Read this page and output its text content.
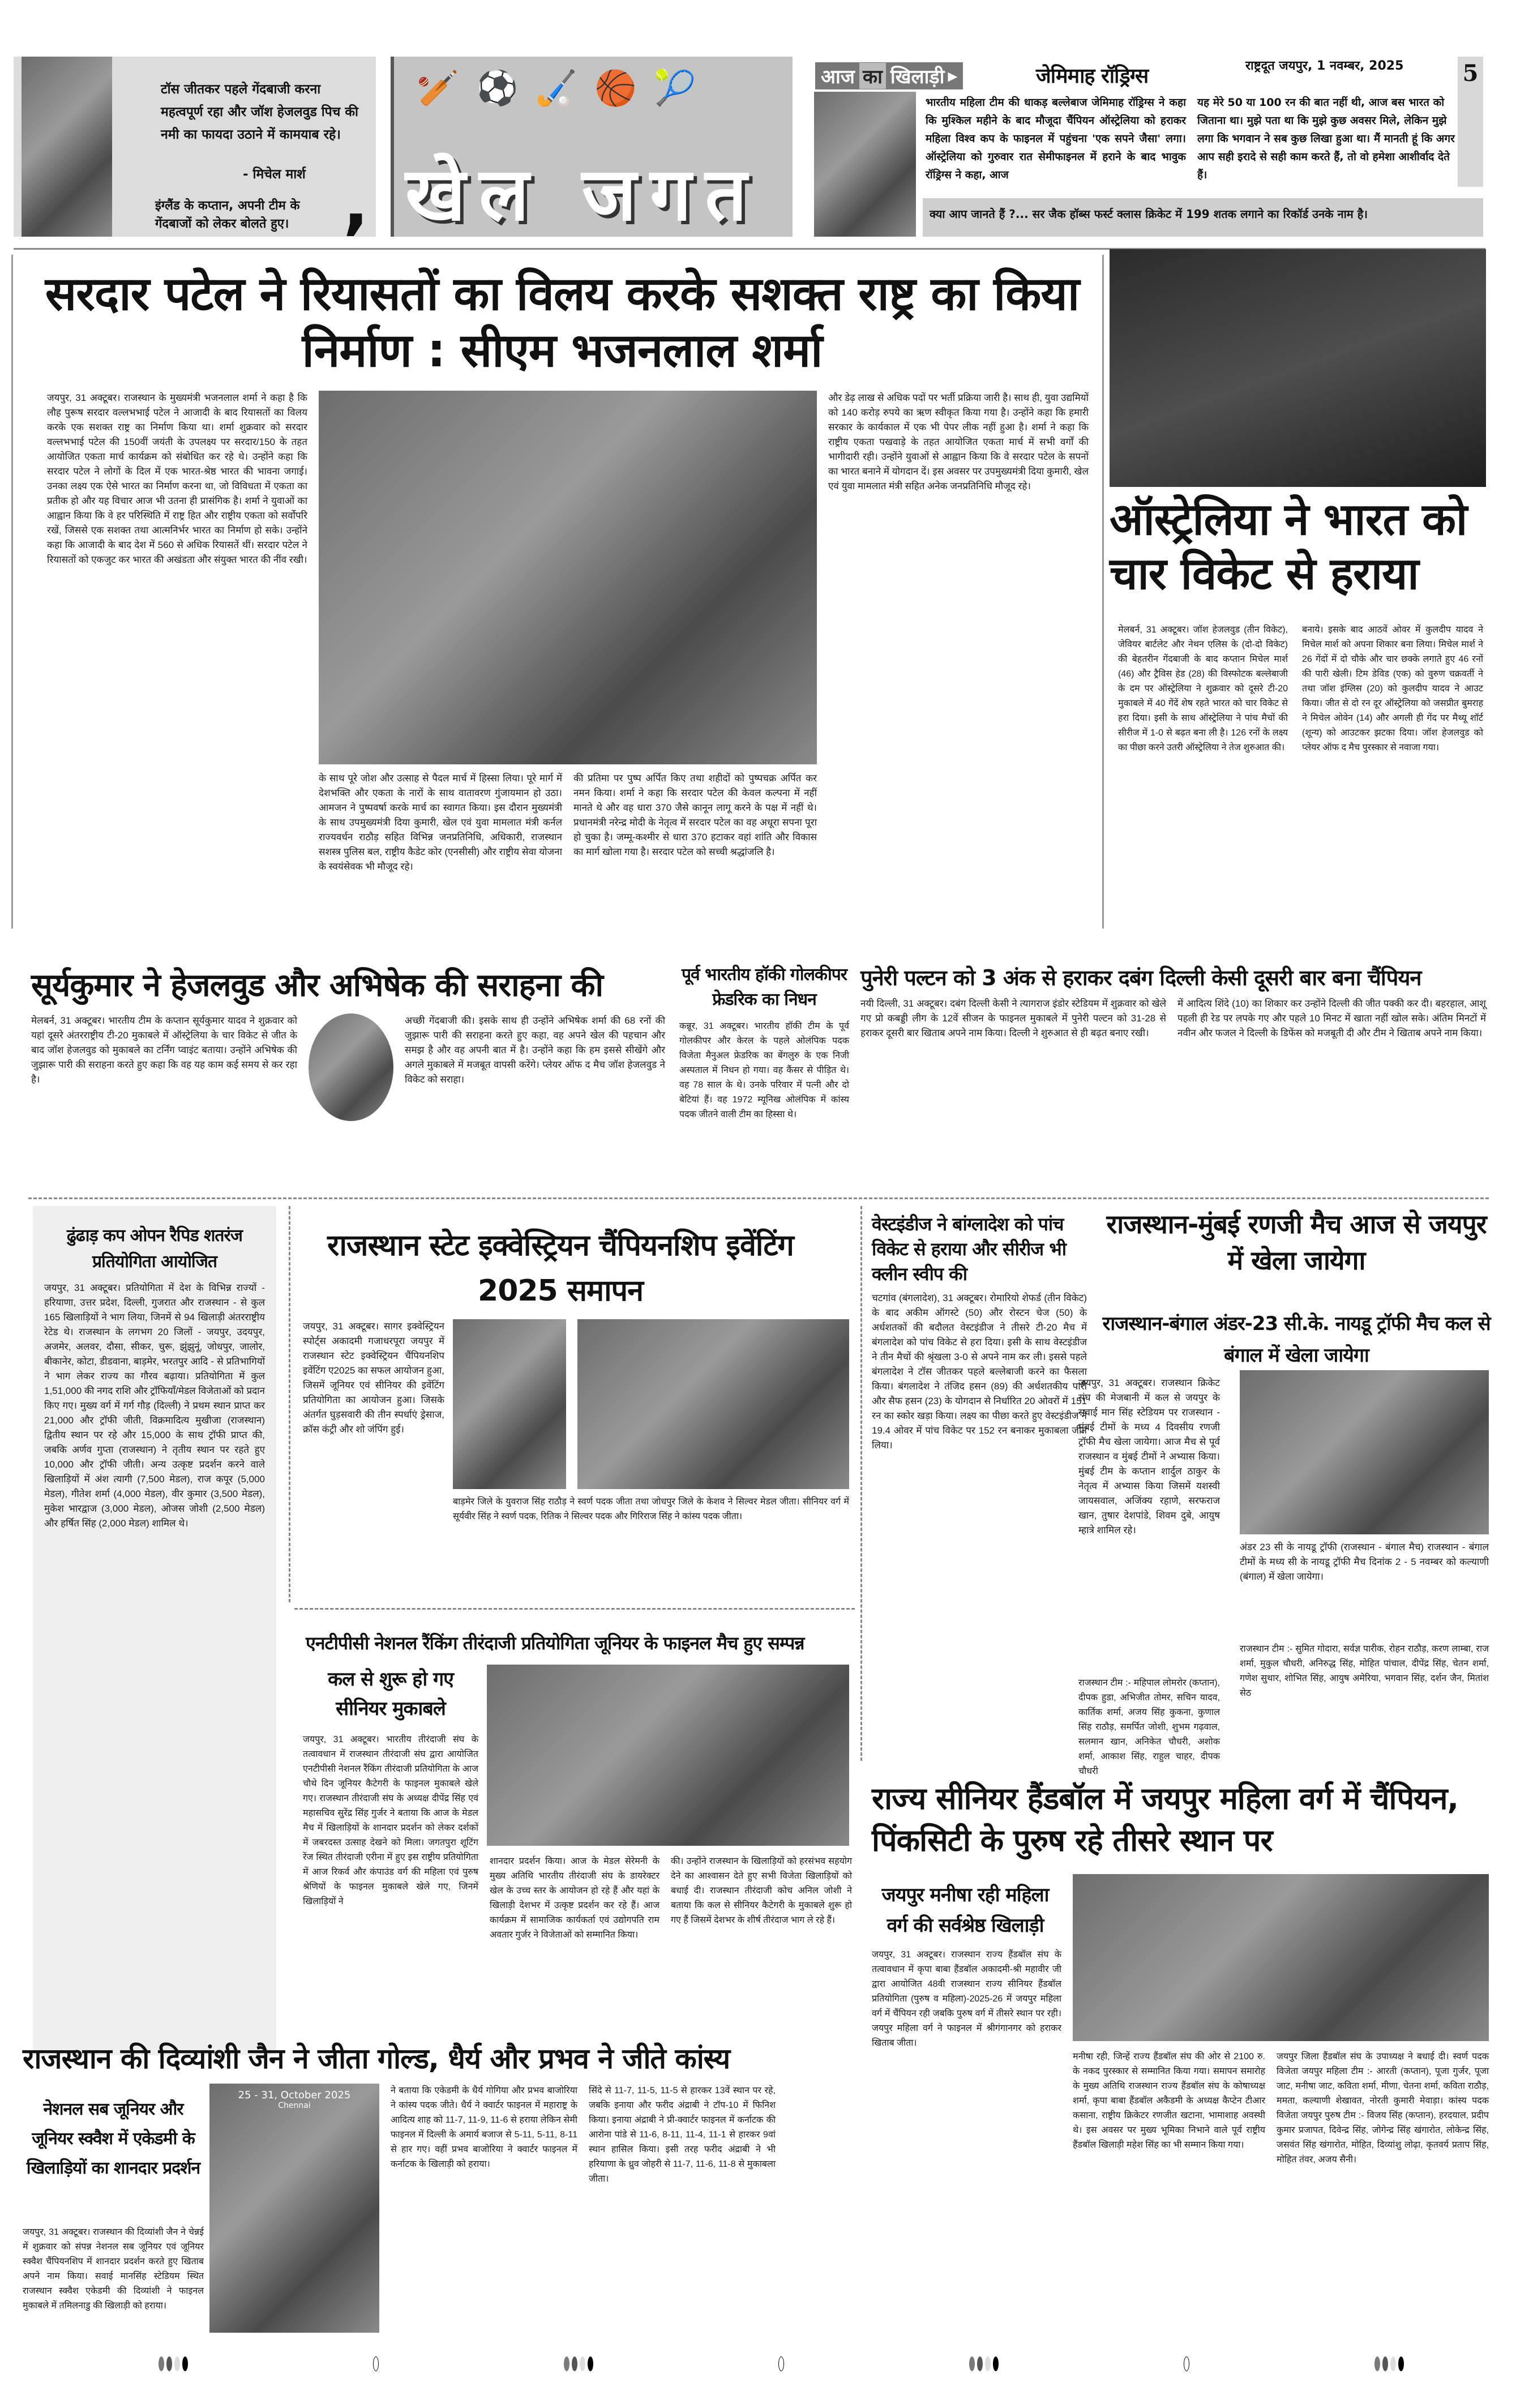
टॉस जीतकर पहले गेंदबाजी करना महत्वपूर्ण रहा और जॉश हेजलवुड पिच की नमी का फायदा उठाने में कामयाब रहे।
- मिचेल मार्श
इंग्लैंड के कप्तान, अपनी टीम के गेंदबाजों को लेकर बोलते हुए। ,
🏏⚽🏑🏀🎾
खेल जगत
आज का खिलाड़ी ▸	जेमिमाह रॉड्रिग्स
भारतीय महिला टीम की धाकड़ बल्लेबाज जेमिमाह रॉड्रिग्स ने कहा कि मुश्किल महीने के बाद मौजूदा चैंपियन ऑस्ट्रेलिया को हराकर महिला विश्व कप के फाइनल में पहुंचना 'एक सपने जैसा' लगा। ऑस्ट्रेलिया को गुरुवार रात सेमीफाइनल में हराने के बाद भावुक रॉड्रिग्स ने कहा, आज
यह मेरे 50 या 100 रन की बात नहीं थी, आज बस भारत को जिताना था। मुझे पता था कि मुझे कुछ अवसर मिले, लेकिन मुझे लगा कि भगवान ने सब कुछ लिखा हुआ था। मैं मानती हूं कि अगर आप सही इरादे से सही काम करते हैं, तो वो हमेशा आशीर्वाद देते हैं।
क्या आप जानते हैं ?... सर जैक हॉब्स फर्स्ट क्लास क्रिकेट में 199 शतक लगाने का रिकॉर्ड उनके नाम है।
राष्ट्रदूत जयपुर, 1 नवम्बर, 2025	5
सरदार पटेल ने रियासतों का विलय करके सशक्त राष्ट्र का किया निर्माण : सीएम भजनलाल शर्मा
जयपुर, 31 अक्टूबर। राजस्थान के मुख्यमंत्री भजनलाल शर्मा ने कहा है कि लौह पुरूष सरदार वल्लभभाई पटेल ने आजादी के बाद रियासतों का विलय करके एक सशक्त राष्ट्र का निर्माण किया था। शर्मा शुक्रवार को सरदार वल्लभभाई पटेल की 150वीं जयंती के उपलक्ष्य पर सरदार/150 के तहत आयोजित एकता मार्च कार्यक्रम को संबोधित कर रहे थे। उन्होंने कहा कि सरदार पटेल ने लोगों के दिल में एक भारत-श्रेष्ठ भारत की भावना जगाई। उनका लक्ष्य एक ऐसे भारत का निर्माण करना था, जो विविधता में एकता का प्रतीक हो और यह विचार आज भी उतना ही प्रासंगिक है। शर्मा ने युवाओं का आह्वान किया कि वे हर परिस्थिति में राष्ट्र हित और राष्ट्रीय एकता को सर्वोपरि रखें, जिससे एक सशक्त तथा आत्मनिर्भर भारत का निर्माण हो सके। उन्होंने कहा कि आजादी के बाद देश में 560 से अधिक रियासतें थीं। सरदार पटेल ने रियासतों को एकजुट कर भारत की अखंडता और संयुक्त भारत की नींव रखी।
के साथ पूरे जोश और उत्साह से पैदल मार्च में हिस्सा लिया। पूरे मार्ग में देशभक्ति और एकता के नारों के साथ वातावरण गुंजायमान हो उठा। आमजन ने पुष्पवर्षा करके मार्च का स्वागत किया। इस दौरान मुख्यमंत्री के साथ उपमुख्यमंत्री दिया कुमारी, खेल एवं युवा मामलात मंत्री कर्नल राज्यवर्धन राठौड़ सहित विभिन्न जनप्रतिनिधि, अधिकारी, राजस्थान सशस्त्र पुलिस बल, राष्ट्रीय कैडेट कोर (एनसीसी) और राष्ट्रीय सेवा योजना के स्वयंसेवक भी मौजूद रहे।
की प्रतिमा पर पुष्प अर्पित किए तथा शहीदों को पुष्पचक्र अर्पित कर नमन किया। शर्मा ने कहा कि सरदार पटेल की केवल कल्पना में नहीं मानते थे और वह धारा 370 जैसे कानून लागू करने के पक्ष में नहीं थे। प्रधानमंत्री नरेन्द्र मोदी के नेतृत्व में सरदार पटेल का वह अधूरा सपना पूरा हो चुका है। जम्मू-कश्मीर से धारा 370 हटाकर वहां शांति और विकास का मार्ग खोला गया है। सरदार पटेल को सच्ची श्रद्धांजलि है।
और डेढ़ लाख से अधिक पदों पर भर्ती प्रक्रिया जारी है। साथ ही, युवा उद्यमियों को 140 करोड़ रुपये का ऋण स्वीकृत किया गया है। उन्होंने कहा कि हमारी सरकार के कार्यकाल में एक भी पेपर लीक नहीं हुआ है। शर्मा ने कहा कि राष्ट्रीय एकता पखवाड़े के तहत आयोजित एकता मार्च में सभी वर्गों की भागीदारी रही। उन्होंने युवाओं से आह्वान किया कि वे सरदार पटेल के सपनों का भारत बनाने में योगदान दें। इस अवसर पर उपमुख्यमंत्री दिया कुमारी, खेल एवं युवा मामलात मंत्री सहित अनेक जनप्रतिनिधि मौजूद रहे।
ऑस्ट्रेलिया ने भारत को चार विकेट से हराया
मेलबर्न, 31 अक्टूबर। जॉश हेजलवुड (तीन विकेट), जेवियर बार्टलेट और नेथन एलिस के (दो-दो विकेट) की बेहतरीन गेंदबाजी के बाद कप्तान मिचेल मार्श (46) और ट्रैविस हेड (28) की विस्फोटक बल्लेबाजी के दम पर ऑस्ट्रेलिया ने शुक्रवार को दूसरे टी-20 मुकाबले में 40 गेंदें शेष रहते भारत को चार विकेट से हरा दिया। इसी के साथ ऑस्ट्रेलिया ने पांच मैचों की सीरीज में 1-0 से बढ़त बना ली है। 126 रनों के लक्ष्य का पीछा करने उतरी ऑस्ट्रेलिया ने तेज शुरुआत की।
बनाये। इसके बाद आठवें ओवर में कुलदीप यादव ने मिचेल मार्श को अपना शिकार बना लिया। मिचेल मार्श ने 26 गेंदों में दो चौके और चार छक्के लगाते हुए 46 रनों की पारी खेली। टिम डेविड (एक) को वुरुण चक्रवर्ती ने तथा जॉश इंग्लिस (20) को कुलदीप यादव ने आउट किया। जीत से दो रन दूर ऑस्ट्रेलिया को जसप्रीत बुमराह ने मिचेल ओवेन (14) और अगली ही गेंद पर मैथ्यू शॉर्ट (शून्य) को आउटकर झटका दिया। जॉश हेजलवुड को प्लेयर ऑफ द मैच पुरस्कार से नवाजा गया।
सूर्यकुमार ने हेजलवुड और अभिषेक की सराहना की
मेलबर्न, 31 अक्टूबर। भारतीय टीम के कप्तान सूर्यकुमार यादव ने शुक्रवार को यहां दूसरे अंतरराष्ट्रीय टी-20 मुकाबले में ऑस्ट्रेलिया के चार विकेट से जीत के बाद जॉश हेजलवुड को मुकाबले का टर्निंग प्वाइंट बताया। उन्होंने अभिषेक की जुझारू पारी की सराहना करते हुए कहा कि वह यह काम कई समय से कर रहा है।
अच्छी गेंदबाजी की। इसके साथ ही उन्होंने अभिषेक शर्मा की 68 रनों की जुझारू पारी की सराहना करते हुए कहा, वह अपने खेल की पहचान और समझ है और वह अपनी बात में है। उन्होंने कहा कि हम इससे सीखेंगे और अगले मुकाबले में मजबूत वापसी करेंगे। प्लेयर ऑफ द मैच जॉश हेजलवुड ने विकेट को सराहा।
पूर्व भारतीय हॉकी गोलकीपर फ्रेडरिक का निधन
कन्नूर, 31 अक्टूबर। भारतीय हॉकी टीम के पूर्व गोलकीपर और केरल के पहले ओलंपिक पदक विजेता मैनुअल फ्रेडरिक का बेंगलुरु के एक निजी अस्पताल में निधन हो गया। वह कैंसर से पीड़ित थे। वह 78 साल के थे। उनके परिवार में पत्नी और दो बेटियां हैं। वह 1972 म्यूनिख ओलंपिक में कांस्य पदक जीतने वाली टीम का हिस्सा थे।
पुनेरी पल्टन को 3 अंक से हराकर दबंग दिल्ली केसी दूसरी बार बना चैंपियन
नयी दिल्ली, 31 अक्टूबर। दबंग दिल्ली केसी ने त्यागराज इंडोर स्टेडियम में शुक्रवार को खेले गए प्रो कबड्डी लीग के 12वें सीजन के फाइनल मुकाबले में पुनेरी पल्टन को 31-28 से हराकर दूसरी बार खिताब अपने नाम किया। दिल्ली ने शुरुआत से ही बढ़त बनाए रखी।
में आदित्य शिंदे (10) का शिकार कर उन्होंने दिल्ली की जीत पक्की कर दी। बहरहाल, आशू पहली ही रेड पर लपके गए और पहले 10 मिनट में खाता नहीं खोल सके। अंतिम मिनटों में नवीन और फजल ने दिल्ली के डिफेंस को मजबूती दी और टीम ने खिताब अपने नाम किया।
ढुंढाड़ कप ओपन रैपिड शतरंज प्रतियोगिता आयोजित
जयपुर, 31 अक्टूबर। प्रतियोगिता में देश के विभिन्न राज्यों - हरियाणा, उत्तर प्रदेश, दिल्ली, गुजरात और राजस्थान - से कुल 165 खिलाड़ियों ने भाग लिया, जिनमें से 94 खिलाड़ी अंतरराष्ट्रीय रेटेड थे। राजस्थान के लगभग 20 जिलों - जयपुर, उदयपुर, अजमेर, अलवर, दौसा, सीकर, चुरू, झुंझुनूं, जोधपुर, जालोर, बीकानेर, कोटा, डीडवाना, बाड़मेर, भरतपुर आदि - से प्रतिभागियों ने भाग लेकर राज्य का गौरव बढ़ाया। प्रतियोगिता में कुल 1,51,000 की नगद राशि और ट्रॉफियाँ/मेडल विजेताओं को प्रदान किए गए। मुख्य वर्ग में गर्ग गौड़ (दिल्ली) ने प्रथम स्थान प्राप्त कर 21,000 और ट्रॉफी जीती, विक्रमादित्य मुखीजा (राजस्थान) द्वितीय स्थान पर रहे और 15,000 के साथ ट्रॉफी प्राप्त की, जबकि अर्णव गुप्ता (राजस्थान) ने तृतीय स्थान पर रहते हुए 10,000 और ट्रॉफी जीती। अन्य उत्कृष्ट प्रदर्शन करने वाले खिलाड़ियों में अंश त्यागी (7,500 मेडल), राज कपूर (5,000 मेडल), गीतेश शर्मा (4,000 मेडल), वीर कुमार (3,500 मेडल), मुकेश भारद्वाज (3,000 मेडल), ओजस जोशी (2,500 मेडल) और हर्षित सिंह (2,000 मेडल) शामिल थे।
राजस्थान स्टेट इक्वेस्ट्रियन चैंपियनशिप इवेंटिंग 2025 समापन
जयपुर, 31 अक्टूबर। सागर इक्वेस्ट्रियन स्पोर्ट्स अकादमी गजाधरपूरा जयपुर में राजस्थान स्टेट इक्वेस्ट्रियन चैंपियनशिप इवेंटिंग ए2025 का सफल आयोजन हुआ, जिसमें जूनियर एवं सीनियर की इवेंटिंग प्रतियोगिता का आयोजन हुआ। जिसके अंतर्गत घुड़सवारी की तीन स्पर्धाएं ड्रेसाज, क्रॉस कंट्री और शो जंपिंग हुई।
बाड़मेर जिले के युवराज सिंह राठौड़ ने स्वर्ण पदक जीता तथा जोधपुर जिले के केशव ने सिल्वर मेडल जीता। सीनियर वर्ग में सूर्यवीर सिंह ने स्वर्ण पदक, रितिक ने सिल्वर पदक और गिरिराज सिंह ने कांस्य पदक जीता।
वेस्टइंडीज ने बांग्लादेश को पांच विकेट से हराया और सीरीज भी क्लीन स्वीप की
चटगांव (बंगलादेश), 31 अक्टूबर। रोमारियो शेफर्ड (तीन विकेट) के बाद अकीम ऑगस्टे (50) और रोस्टन चेज (50) के अर्धशतकों की बदौलत वेस्टइंडीज ने तीसरे टी-20 मैच में बंगलादेश को पांच विकेट से हरा दिया। इसी के साथ वेस्टइंडीज ने तीन मैचों की श्रृंखला 3-0 से अपने नाम कर ली। इससे पहले बंगलादेश ने टॉस जीतकर पहले बल्लेबाजी करने का फैसला किया। बंगलादेश ने तंजिद हसन (89) की अर्धशतकीय पारी और सैफ हसन (23) के योगदान से निर्धारित 20 ओवरों में 151 रन का स्कोर खड़ा किया। लक्ष्य का पीछा करते हुए वेस्टइंडीज ने 19.4 ओवर में पांच विकेट पर 152 रन बनाकर मुकाबला जीत लिया।
राजस्थान-मुंबई रणजी मैच आज से जयपुर में खेला जायेगा
राजस्थान-बंगाल अंडर-23 सी.के. नायडू ट्रॉफी मैच कल से बंगाल में खेला जायेगा
जयपुर, 31 अक्टूबर। राजस्थान क्रिकेट संघ की मेजबानी में कल से जयपुर के सवाई मान सिंह स्टेडियम पर राजस्थान - मुंबई टीमों के मध्य 4 दिवसीय रणजी ट्रॉफी मैच खेला जायेगा। आज मैच से पूर्व राजस्थान व मुंबई टीमों ने अभ्यास किया। मुंबई टीम के कप्तान शार्दुल ठाकुर के नेतृत्व में अभ्यास किया जिसमें यशस्वी जायसवाल, अजिंक्य रहाणे, सरफराज खान, तुषार देशपांडे, शिवम दुबे, आयुष म्हात्रे शामिल रहे।
अंडर 23 सी के नायडू ट्रॉफी (राजस्थान - बंगाल मैच) राजस्थान - बंगाल टीमों के मध्य सी के नायडू ट्रॉफी मैच दिनांक 2 - 5 नवम्बर को कल्याणी (बंगाल) में खेला जायेगा।
राजस्थान टीम :- महिपाल लोमरोर (कप्तान), दीपक हुडा, अभिजीत तोमर, सचिन यादव, कार्तिक शर्मा, अजय सिंह कुकना, कुणाल सिंह राठौड़, समर्पित जोशी, शुभम गढ़वाल, सलमान खान, अनिकेत चौधरी, अशोक शर्मा, आकाश सिंह, राहुल चाहर, दीपक चौधरी
राजस्थान टीम :- सुमित गोदारा, सर्वज्ञ पारीक, रोहन राठौड़, करण लाम्बा, राज शर्मा, मुकुल चौधरी, अनिरुद्ध सिंह, मोहित पांचाल, दीपेंद्र सिंह, चेतन शर्मा, गणेश सुथार, शोभित सिंह, आयुष अमेरिया, भगवान सिंह, दर्शन जैन, मितांश सेठ
एनटीपीसी नेशनल रैंकिंग तीरंदाजी प्रतियोगिता जूनियर के फाइनल मैच हुए सम्पन्न
कल से शुरू हो गए सीनियर मुकाबले
जयपुर, 31 अक्टूबर। भारतीय तीरंदाजी संघ के तत्वावधान में राजस्थान तीरंदाजी संघ द्वारा आयोजित एनटीपीसी नेशनल रैंकिंग तीरंदाजी प्रतियोगिता के आज चौथे दिन जूनियर कैटेगरी के फाइनल मुकाबले खेले गए। राजस्थान तीरंदाजी संघ के अध्यक्ष दीपेंद्र सिंह एवं महासचिव सुरेंद्र सिंह गुर्जर ने बताया कि आज के मेडल मैच में खिलाड़ियों के शानदार प्रदर्शन को लेकर दर्शकों में जबरदस्त उत्साह देखने को मिला। जगतपुरा शूटिंग रेंज स्थित तीरंदाजी एरीना में हुए इस राष्ट्रीय प्रतियोगिता में आज रिकर्व और कंपाउंड वर्ग की महिला एवं पुरुष श्रेणियों के फाइनल मुकाबले खेले गए, जिनमें खिलाड़ियों ने
शानदार प्रदर्शन किया। आज के मेडल सेरेमनी के मुख्य अतिथि भारतीय तीरंदाजी संघ के डायरेक्टर खेल के उच्च स्तर के आयोजन हो रहे हैं और यहां के खिलाड़ी देशभर में उत्कृष्ट प्रदर्शन कर रहे हैं। आज कार्यक्रम में सामाजिक कार्यकर्ता एवं उद्योगपति राम अवतार गुर्जर ने विजेताओं को सम्मानित किया।
की। उन्होंने राजस्थान के खिलाड़ियों को हरसंभव सहयोग देने का आश्वासन देते हुए सभी विजेता खिलाड़ियों को बधाई दी। राजस्थान तीरंदाजी कोच अनिल जोशी ने बताया कि कल से सीनियर कैटेगरी के मुकाबले शुरू हो गए हैं जिसमें देशभर के शीर्ष तीरंदाज भाग ले रहे हैं।
राज्य सीनियर हैंडबॉल में जयपुर महिला वर्ग में चैंपियन, पिंकसिटी के पुरुष रहे तीसरे स्थान पर
जयपुर मनीषा रही महिला वर्ग की सर्वश्रेष्ठ खिलाड़ी
जयपुर, 31 अक्टूबर। राजस्थान राज्य हैंडबॉल संघ के तत्वावधान में कृपा बाबा हैंडबॉल अकादमी-श्री महावीर जी द्वारा आयोजित 48वी राजस्थान राज्य सीनियर हैंडबॉल प्रतियोगिता (पुरुष व महिला)-2025-26 में जयपुर महिला वर्ग में चैंपियन रही जबकि पुरुष वर्ग में तीसरे स्थान पर रही। जयपुर महिला वर्ग ने फाइनल में श्रीगंगानगर को हराकर खिताब जीता।
मनीषा रही, जिन्हें राज्य हैंडबॉल संघ की ओर से 2100 रु. के नकद पुरस्कार से सम्मानित किया गया। समापन समारोह के मुख्य अतिथि राजस्थान राज्य हैंडबॉल संघ के कोषाध्यक्ष शर्मा, कृपा बाबा हैंडबॉल अकैडमी के अध्यक्ष कैप्टेन टीआर कसाना, राष्ट्रीय क्रिकेटर रणजीत खटाना, भामाशाह अवस्थी थे। इस अवसर पर मुख्य भूमिका निभाने वाले पूर्व राष्ट्रीय हैंडबॉल खिलाड़ी महेश सिंह का भी सम्मान किया गया।
जयपुर जिला हैंडबॉल संघ के उपाध्यक्ष ने बधाई दी। स्वर्ण पदक विजेता जयपुर महिला टीम :- आरती (कप्तान), पूजा गुर्जर, पूजा जाट, मनीषा जाट, कविता शर्मा, मीणा, चेतना शर्मा, कविता राठौड़, ममता, कल्याणी शेखावत, नोरती कुमारी मेवाड़ा। कांस्य पदक विजेता जयपुर पुरुष टीम :- विजय सिंह (कप्तान), हरदयाल, प्रदीप कुमार प्रजापत, दिवेन्द्र सिंह, जोगेन्द्र सिंह खंगारोत, लोकेन्द्र सिंह, जसवंत सिंह खंगारोत, मोहित, दिव्यांशु लोढ़ा, कृतवर्य प्रताप सिंह, मोहित तंवर, अजय सैनी।
राजस्थान की दिव्यांशी जैन ने जीता गोल्ड, धैर्य और प्रभव ने जीते कांस्य
नेशनल सब जूनियर और जूनियर स्क्वैश में एकेडमी के खिलाड़ियों का शानदार प्रदर्शन
जयपुर, 31 अक्टूबर। राजस्थान की दिव्यांशी जैन ने चेन्नई में शुक्रवार को संपन्न नेशनल सब जूनियर एवं जूनियर स्क्वैश चैंपियनशिप में शानदार प्रदर्शन करते हुए खिताब अपने नाम किया। सवाई मानसिंह स्टेडियम स्थित राजस्थान स्क्वैश एकेडमी की दिव्यांशी ने फाइनल मुकाबले में तमिलनाडु की खिलाड़ी को हराया।
25 - 31, October 2025
Chennai
ने बताया कि एकेडमी के धैर्य गोगिया और प्रभव बाजोरिया ने कांस्य पदक जीते। धैर्य ने क्वार्टर फाइनल में महाराष्ट्र के आदित्य शाह को 11-7, 11-9, 11-6 से हराया लेकिन सेमी फाइनल में दिल्ली के अमार्य बजाज से 5-11, 5-11, 8-11 से हार गए। वहीं प्रभव बाजोरिया ने क्वार्टर फाइनल में कर्नाटक के खिलाड़ी को हराया।
सिंदे से 11-7, 11-5, 11-5 से हारकर 13वें स्थान पर रहे, जबकि इनाया और फरीद अंद्राबी ने टॉप-10 में फिनिश किया। इनाया अंद्राबी ने प्री-क्वार्टर फाइनल में कर्नाटक की आरोना पांडे से 11-6, 8-11, 11-4, 11-1 से हारकर 9वां स्थान हासिल किया। इसी तरह फरीद अंद्राबी ने भी हरियाणा के ध्रुव जोहरी से 11-7, 11-6, 11-8 से मुकाबला जीता।
